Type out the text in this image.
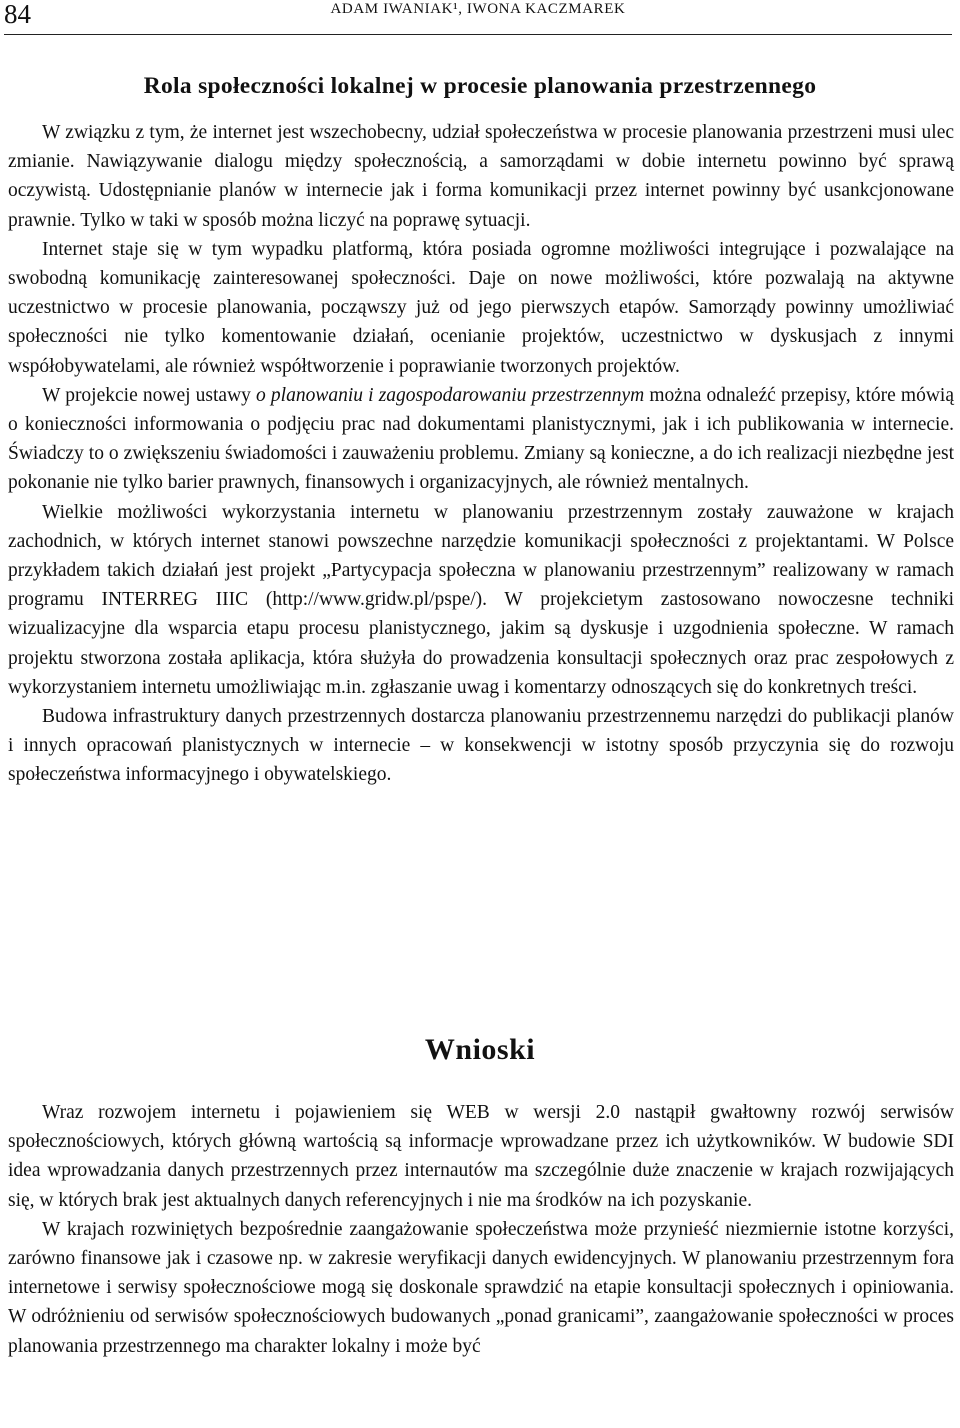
84	ADAM IWANIAK¹, IWONA KACZMAREK
Rola społeczności lokalnej w procesie planowania przestrzennego

W związku z tym, że internet jest wszechobecny, udział społeczeństwa w procesie planowania przestrzeni musi ulec zmianie. Nawiązywanie dialogu między społecznością, a samorządami w dobie internetu powinno być sprawą oczywistą. Udostępnianie planów w internecie jak i forma komunikacji przez internet powinny być usankcjonowane prawnie. Tylko w taki w sposób można liczyć na poprawę sytuacji.

Internet staje się w tym wypadku platformą, która posiada ogromne możliwości integrujące i pozwalające na swobodną komunikację zainteresowanej społeczności. Daje on nowe możliwości, które pozwalają na aktywne uczestnictwo w procesie planowania, począwszy już od jego pierwszych etapów. Samorządy powinny umożliwiać społeczności nie tylko komentowanie działań, ocenianie projektów, uczestnictwo w dyskusjach z innymi współobywatelami, ale również współtworzenie i poprawianie tworzonych projektów.

W projekcie nowej ustawy o planowaniu i zagospodarowaniu przestrzennym można odnaleźć przepisy, które mówią o konieczności informowania o podjęciu prac nad dokumentami planistycznymi, jak i ich publikowania w internecie. Świadczy to o zwiększeniu świadomości i zauważeniu problemu. Zmiany są konieczne, a do ich realizacji niezbędne jest pokonanie nie tylko barier prawnych, finansowych i organizacyjnych, ale również mentalnych.

Wielkie możliwości wykorzystania internetu w planowaniu przestrzennym zostały zauważone w krajach zachodnich, w których internet stanowi powszechne narzędzie komunikacji społeczności z projektantami. W Polsce przykładem takich działań jest projekt „Partycypacja społeczna w planowaniu przestrzennym” realizowany w ramach programu INTERREG IIIC (http://www.gridw.pl/pspe/). W projekcietym zastosowano nowoczesne techniki wizualizacyjne dla wsparcia etapu procesu planistycznego, jakim są dyskusje i uzgodnienia społeczne. W ramach projektu stworzona została aplikacja, która służyła do prowadzenia konsultacji społecznych oraz prac zespołowych z wykorzystaniem internetu umożliwiając m.in. zgłaszanie uwag i komentarzy odnoszących się do konkretnych treści.

Budowa infrastruktury danych przestrzennych dostarcza planowaniu przestrzennemu narzędzi do publikacji planów i innych opracowań planistycznych w internecie – w konsekwencji w istotny sposób przyczynia się do rozwoju społeczeństwa informacyjnego i obywatelskiego.

Wnioski

Wraz rozwojem internetu i pojawieniem się WEB w wersji 2.0 nastąpił gwałtowny rozwój serwisów społecznościowych, których główną wartością są informacje wprowadzane przez ich użytkowników. W budowie SDI idea wprowadzania danych przestrzennych przez internautów ma szczególnie duże znaczenie w krajach rozwijających się, w których brak jest aktualnych danych referencyjnych i nie ma środków na ich pozyskanie.

W krajach rozwiniętych bezpośrednie zaangażowanie społeczeństwa może przynieść niezmiernie istotne korzyści, zarówno finansowe jak i czasowe np. w zakresie weryfikacji danych ewidencyjnych. W planowaniu przestrzennym fora internetowe i serwisy społecznościowe mogą się doskonale sprawdzić na etapie konsultacji społecznych i opiniowania. W odróżnieniu od serwisów społecznościowych budowanych „ponad granicami”, zaangażowanie społeczności w proces planowania przestrzennego ma charakter lokalny i może być
